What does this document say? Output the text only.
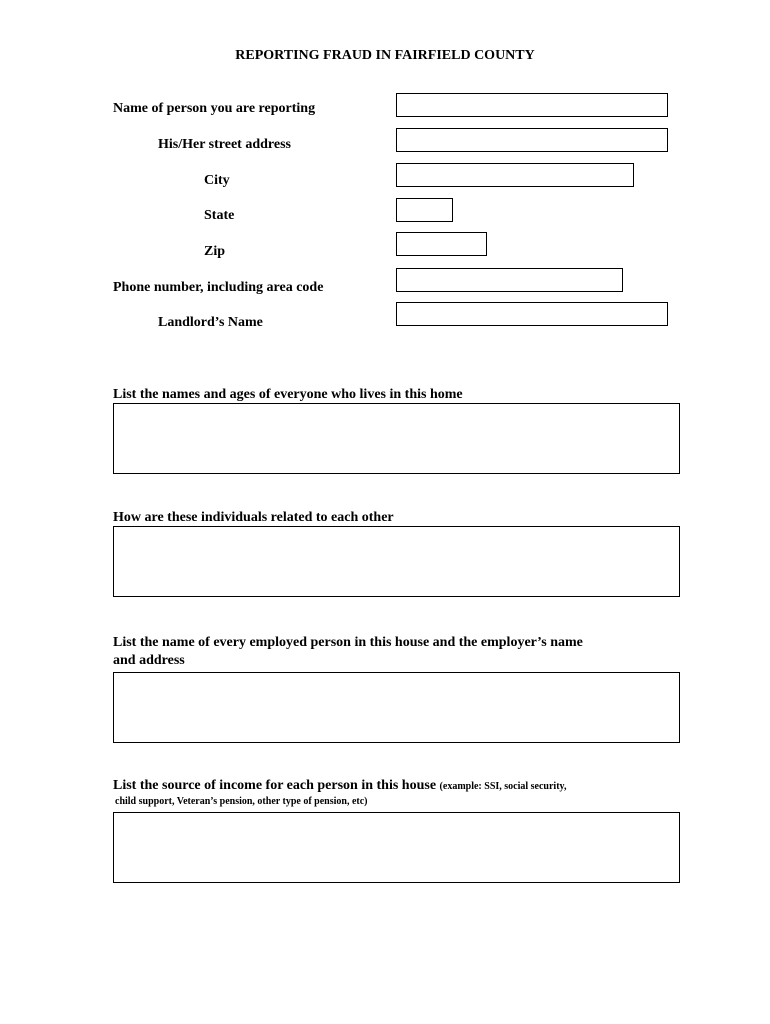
REPORTING FRAUD IN FAIRFIELD COUNTY
Name of person you are reporting
His/Her street address
City
State
Zip
Phone number, including area code
Landlord’s Name
List the names and ages of everyone who lives in this home
How are these individuals related to each other
List the name of every employed person in this house and the employer’s name
and address
List the source of income for each person in this house (example: SSI, social security,
child support, Veteran’s pension, other type of pension, etc)
